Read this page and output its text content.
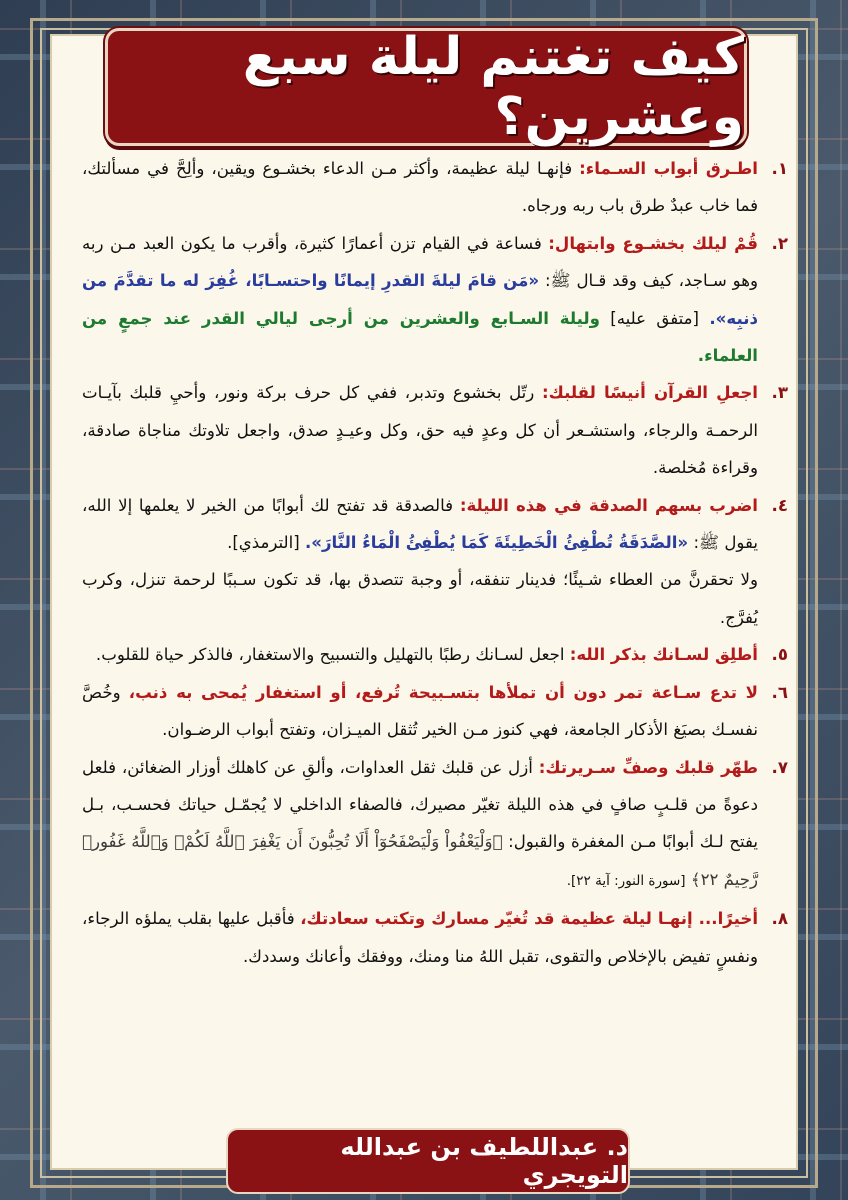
كيف تغتنم ليلة سبع وعشرين؟

١.
اطـرق أبواب السـماء: فإنهـا ليلة عظيمة، وأكثر مـن الدعاء بخشـوع ويقين، وألِحَّ في مسألتك، فما خاب عبدٌ طرق باب ربه ورجاه.

٢.
قُمْ ليلك بخشـوع وابتهال: فساعة في القيام تزن أعمارًا كثيرة، وأقرب ما يكون العبد مـن ربه وهو سـاجد، كيف وقد قـال ﷺ: «مَن قامَ ليلةَ القدرِ إيمانًا واحتسـابًا، غُفِرَ له ما تقدَّمَ من ذنبِه». [متفق عليه] وليلة السـابع والعشرين من أرجى ليالي القدر عند جمعٍ من العلماء.

٣.
اجعلِ القرآن أنيسًا لقلبك: رتّل بخشوع وتدبر، ففي كل حرف بركة ونور، وأحيِ قلبك بآيـات الرحمـة والرجاء، واستشـعر أن كل وعدٍ فيه حق، وكل وعيـدٍ صدق، واجعل تلاوتك مناجاة صادقة، وقراءة مُخلصة.

٤.
اضرب بسهم الصدقة في هذه الليلة: فالصدقة قد تفتح لك أبوابًا من الخير لا يعلمها إلا الله، يقول ﷺ: «الصَّدَقَةُ تُطْفِئُ الْخَطِيئَةَ كَمَا يُطْفِئُ الْمَاءُ النَّارَ». [الترمذي].

ولا تحقرنَّ من العطاء شـيئًا؛ فدينار تنفقه، أو وجبة تتصدق بها، قد تكون سـببًا لرحمة تنزل، وكرب يُفرَّج.

٥.
أطلِق لسـانك بذكر الله: اجعل لسـانك رطبًا بالتهليل والتسبيح والاستغفار، فالذكر حياة للقلوب.

٦.
لا تدع سـاعة تمر دون أن تملأها بتسـبيحة تُرفع، أو استغفار يُمحى به ذنب، وخُصَّ نفسـك بصيَغ الأذكار الجامعة، فهي كنوز مـن الخير تُثقل الميـزان، وتفتح أبواب الرضـوان.

٧.
طهّر قلبك وصفِّ سـريرتك: أزل عن قلبك ثقل العداوات، وألقِ عن كاهلك أوزار الضغائن، فلعل دعوةً من قلـبٍ صافٍ في هذه الليلة تغيّر مصيرك، فالصفاء الداخلي لا يُجمّـل حياتك فحسـب، بـل يفتح لـك أبوابًا مـن المغفرة والقبول: ﴿وَلْيَعْفُواْ وَلْيَصْفَحُوٓاْ أَلَا تُحِبُّونَ أَن يَغْفِرَ ٱللَّهُ لَكُمْۚ وَٱللَّهُ غَفُورٞ رَّحِيمٌ ٢٢﴾ [سورة النور: آية ٢٢].

٨.
أخيرًا... إنهـا ليلة عظيمة قد تُغيّر مسارك وتكتب سعادتك، فأقبل عليها بقلب يملؤه الرجاء، ونفسٍ تفيض بالإخلاص والتقوى، تقبل اللهُ منا ومنك، ووفقك وأعانك وسددك.

د. عبداللطيف بن عبدالله التويجري
